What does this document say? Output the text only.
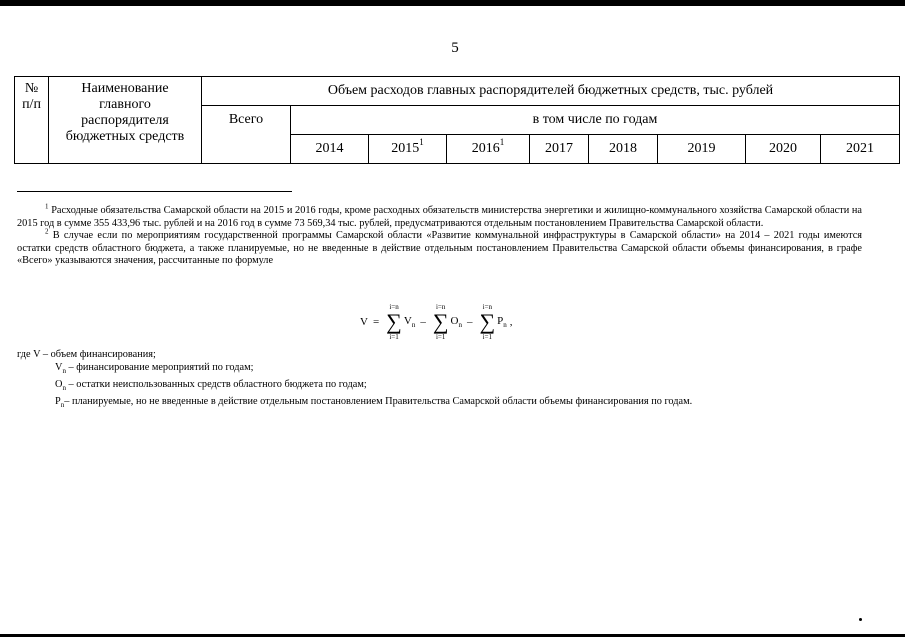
5
№
п/п	Наименование главного распорядителя бюджетных средств	Объем расходов главных распорядителей бюджетных средств, тыс. рублей								
		Всего	в том числе по годам							
			2014	2015$^1$	2016$^1$	2017	2018	2019	2020	2021

$^1$ Расходные обязательства Самарской области на 2015 и 2016 годы, кроме расходных обязательств министерства энергетики и жилищно-коммунального хозяйства Самарской области на 2015 год в сумме 355 433,96 тыс. рублей и на 2016 год в сумме 73 569,34 тыс. рублей, предусматриваются отдельным постановлением Правительства Самарской области.

$^2$ В случае если по мероприятиям государственной программы Самарской области «Развитие коммунальной инфраструктуры в Самарской области» на 2014 – 2021 годы имеются остатки средств областного бюджета, а также планируемые, но не введенные в действие отдельным постановлением Правительства Самарской области объемы финансирования, в графе «Всего» указываются значения, рассчитанные по формуле

V =
i=n
∑
i=1
$V_n$ –
i=n
∑
i=1
$O_n$ –
i=n
∑
i=1
$P_n$ ,

где V – объем финансирования;

$V_n$ – финансирование мероприятий по годам;

$O_n$ – остатки неиспользованных средств областного бюджета по годам;

$P_n-$ планируемые, но не введенные в действие отдельным постановлением Правительства Самарской области объемы финансирования по годам.
